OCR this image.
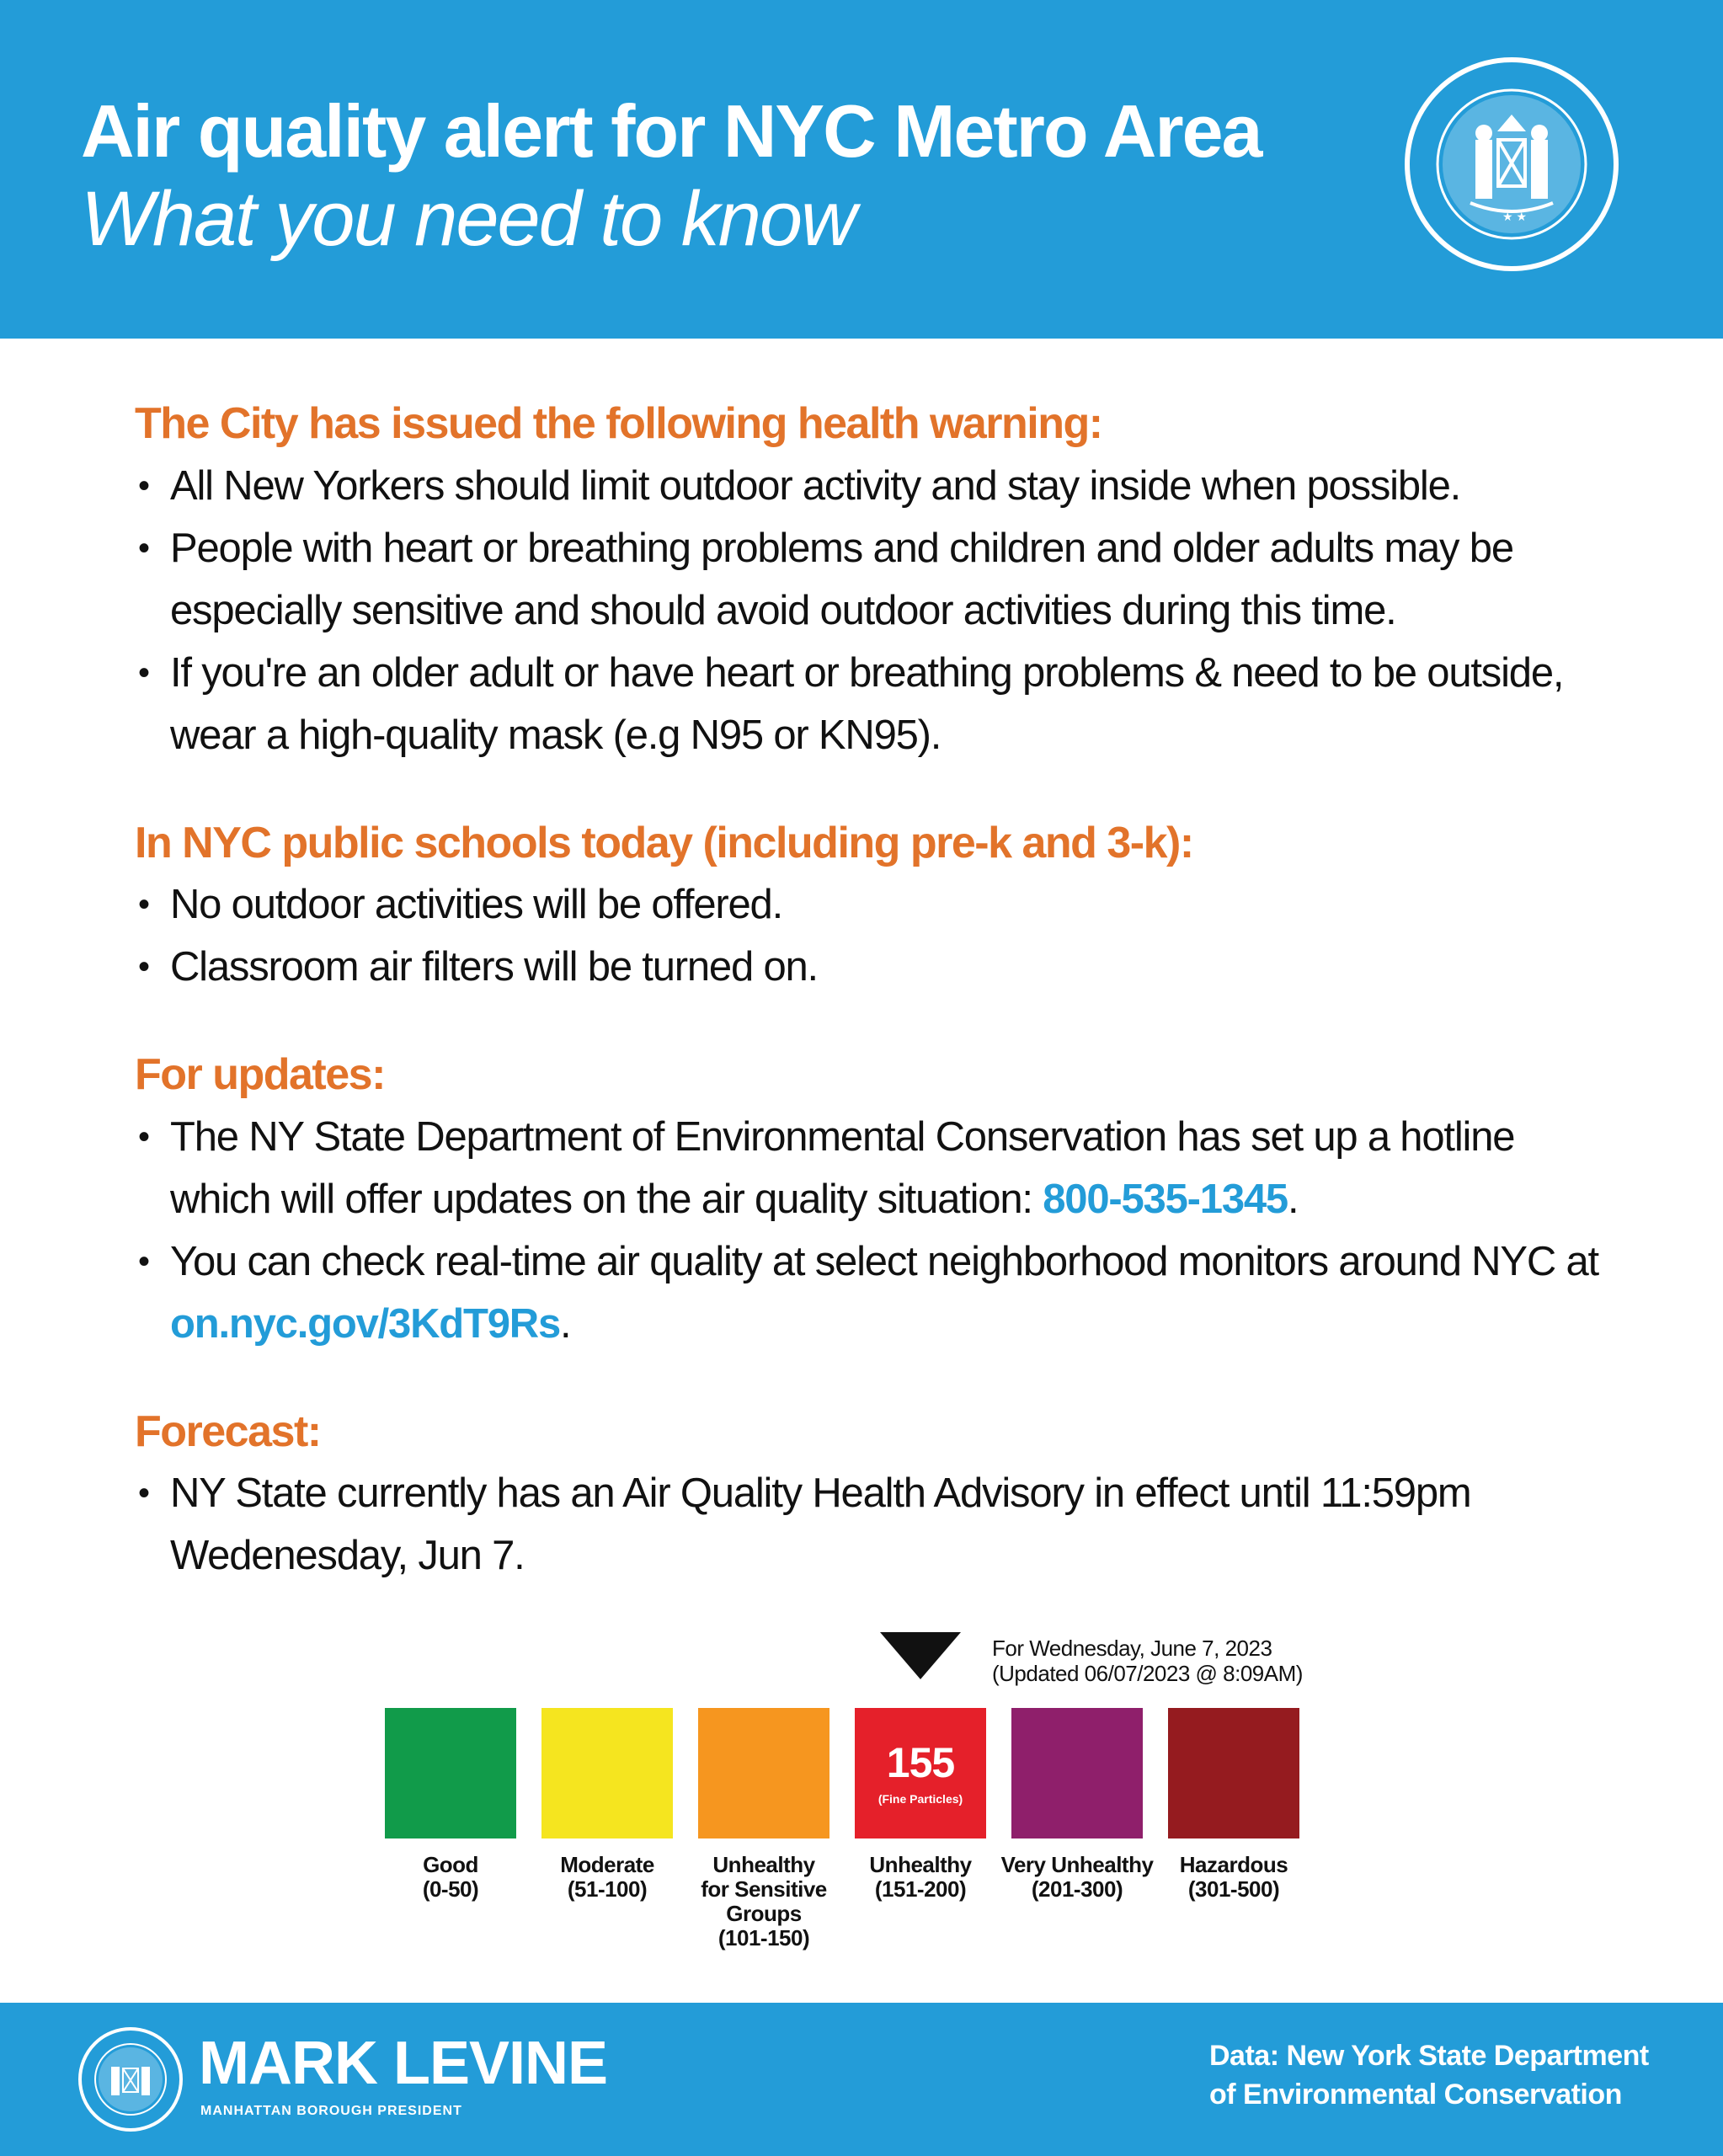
Air quality alert for NYC Metro Area
What you need to know	★ ★
The City has issued the following health warning:
• All New Yorkers should limit outdoor activity and stay inside when possible.
• People with heart or breathing problems and children and older adults may be especially sensitive and should avoid outdoor activities during this time.
• If you're an older adult or have heart or breathing problems & need to be outside, wear a high-quality mask (e.g N95 or KN95).
In NYC public schools today (including pre-k and 3-k):
• No outdoor activities will be offered.
• Classroom air filters will be turned on.
For updates:
• The NY State Department of Environmental Conservation has set up a hotline which will offer updates on the air quality situation: 800-535-1345.
• You can check real-time air quality at select neighborhood monitors around NYC at on.nyc.gov/3KdT9Rs.
Forecast:
• NY State currently has an Air Quality Health Advisory in effect until 11:59pm Wedenesday, Jun 7.
For Wednesday, June 7, 2023
(Updated 06/07/2023 @ 8:09AM)
Good
(0-50)
Moderate
(51-100)
Unhealthy for Sensitive Groups
(101-150)
155
(Fine Particles)
Unhealthy
(151-200)
Very Unhealthy
(201-300)
Hazardous
(301-500)
MARK LEVINE
MANHATTAN BOROUGH PRESIDENT
Data: New York State Department
of Environmental Conservation
